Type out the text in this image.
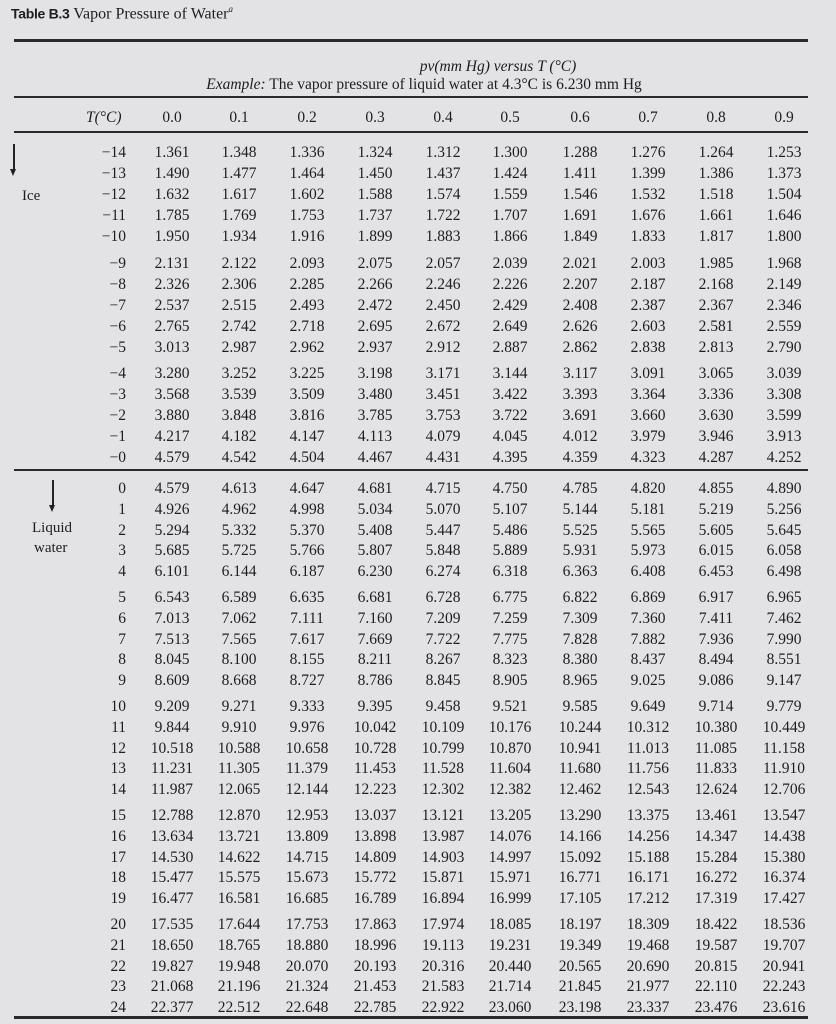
Table B.3 Vapor Pressure of Water$^a$
pv(mm Hg) versus T (°C)
Example: The vapor pressure of liquid water at 4.3°C is 6.230 mm Hg
T(°C)	0.0	0.1	0.2	0.3	0.4	0.5	0.6	0.7	0.8	0.9
Ice
−14	1.361	1.348	1.336	1.324	1.312	1.300	1.288	1.276	1.264	1.253
−13	1.490	1.477	1.464	1.450	1.437	1.424	1.411	1.399	1.386	1.373
−12	1.632	1.617	1.602	1.588	1.574	1.559	1.546	1.532	1.518	1.504
−11	1.785	1.769	1.753	1.737	1.722	1.707	1.691	1.676	1.661	1.646
−10	1.950	1.934	1.916	1.899	1.883	1.866	1.849	1.833	1.817	1.800
−9	2.131	2.122	2.093	2.075	2.057	2.039	2.021	2.003	1.985	1.968
−8	2.326	2.306	2.285	2.266	2.246	2.226	2.207	2.187	2.168	2.149
−7	2.537	2.515	2.493	2.472	2.450	2.429	2.408	2.387	2.367	2.346
−6	2.765	2.742	2.718	2.695	2.672	2.649	2.626	2.603	2.581	2.559
−5	3.013	2.987	2.962	2.937	2.912	2.887	2.862	2.838	2.813	2.790
−4	3.280	3.252	3.225	3.198	3.171	3.144	3.117	3.091	3.065	3.039
−3	3.568	3.539	3.509	3.480	3.451	3.422	3.393	3.364	3.336	3.308
−2	3.880	3.848	3.816	3.785	3.753	3.722	3.691	3.660	3.630	3.599
−1	4.217	4.182	4.147	4.113	4.079	4.045	4.012	3.979	3.946	3.913
−0	4.579	4.542	4.504	4.467	4.431	4.395	4.359	4.323	4.287	4.252
Liquid
water
0	4.579	4.613	4.647	4.681	4.715	4.750	4.785	4.820	4.855	4.890
1	4.926	4.962	4.998	5.034	5.070	5.107	5.144	5.181	5.219	5.256
2	5.294	5.332	5.370	5.408	5.447	5.486	5.525	5.565	5.605	5.645
3	5.685	5.725	5.766	5.807	5.848	5.889	5.931	5.973	6.015	6.058
4	6.101	6.144	6.187	6.230	6.274	6.318	6.363	6.408	6.453	6.498
5	6.543	6.589	6.635	6.681	6.728	6.775	6.822	6.869	6.917	6.965
6	7.013	7.062	7.111	7.160	7.209	7.259	7.309	7.360	7.411	7.462
7	7.513	7.565	7.617	7.669	7.722	7.775	7.828	7.882	7.936	7.990
8	8.045	8.100	8.155	8.211	8.267	8.323	8.380	8.437	8.494	8.551
9	8.609	8.668	8.727	8.786	8.845	8.905	8.965	9.025	9.086	9.147
10	9.209	9.271	9.333	9.395	9.458	9.521	9.585	9.649	9.714	9.779
11	9.844	9.910	9.976	10.042	10.109	10.176	10.244	10.312	10.380	10.449
12	10.518	10.588	10.658	10.728	10.799	10.870	10.941	11.013	11.085	11.158
13	11.231	11.305	11.379	11.453	11.528	11.604	11.680	11.756	11.833	11.910
14	11.987	12.065	12.144	12.223	12.302	12.382	12.462	12.543	12.624	12.706
15	12.788	12.870	12.953	13.037	13.121	13.205	13.290	13.375	13.461	13.547
16	13.634	13.721	13.809	13.898	13.987	14.076	14.166	14.256	14.347	14.438
17	14.530	14.622	14.715	14.809	14.903	14.997	15.092	15.188	15.284	15.380
18	15.477	15.575	15.673	15.772	15.871	15.971	16.771	16.171	16.272	16.374
19	16.477	16.581	16.685	16.789	16.894	16.999	17.105	17.212	17.319	17.427
20	17.535	17.644	17.753	17.863	17.974	18.085	18.197	18.309	18.422	18.536
21	18.650	18.765	18.880	18.996	19.113	19.231	19.349	19.468	19.587	19.707
22	19.827	19.948	20.070	20.193	20.316	20.440	20.565	20.690	20.815	20.941
23	21.068	21.196	21.324	21.453	21.583	21.714	21.845	21.977	22.110	22.243
24	22.377	22.512	22.648	22.785	22.922	23.060	23.198	23.337	23.476	23.616
